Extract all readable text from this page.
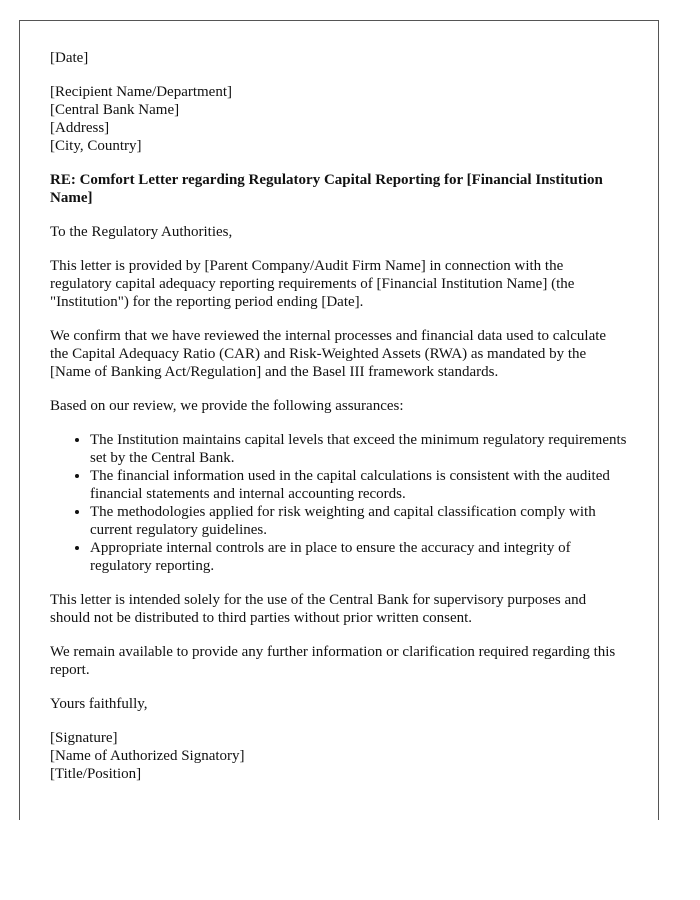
[Date]

[Recipient Name/Department]
[Central Bank Name]
[Address]
[City, Country]

RE: Comfort Letter regarding Regulatory Capital Reporting for [Financial Institution Name]

To the Regulatory Authorities,

This letter is provided by [Parent Company/Audit Firm Name] in connection with the regulatory capital adequacy reporting requirements of [Financial Institution Name] (the "Institution") for the reporting period ending [Date].

We confirm that we have reviewed the internal processes and financial data used to calculate the Capital Adequacy Ratio (CAR) and Risk-Weighted Assets (RWA) as mandated by the [Name of Banking Act/Regulation] and the Basel III framework standards.

Based on our review, we provide the following assurances:

• The Institution maintains capital levels that exceed the minimum regulatory requirements set by the Central Bank.
• The financial information used in the capital calculations is consistent with the audited financial statements and internal accounting records.
• The methodologies applied for risk weighting and capital classification comply with current regulatory guidelines.
• Appropriate internal controls are in place to ensure the accuracy and integrity of regulatory reporting.

This letter is intended solely for the use of the Central Bank for supervisory purposes and should not be distributed to third parties without prior written consent.

We remain available to provide any further information or clarification required regarding this report.

Yours faithfully,

[Signature]
[Name of Authorized Signatory]
[Title/Position]
